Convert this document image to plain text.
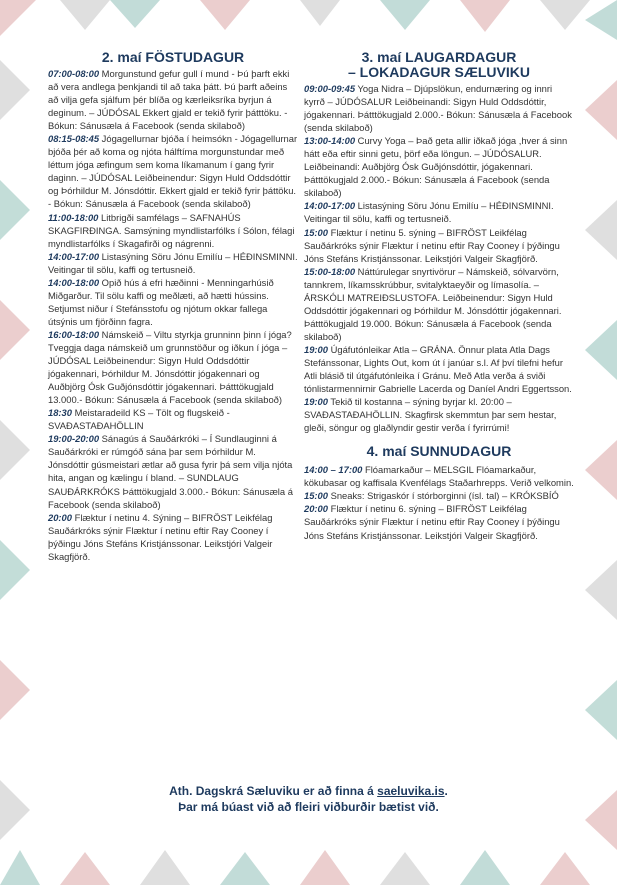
2. maí FÖSTUDAGUR

07:00-08:00 Morgunstund gefur gull í mund - Þú þarft ekki að vera andlega þenkjandi til að taka þátt. Þú þarft aðeins að vilja gefa sjálfum þér blíða og kærleiksríka byrjun á deginum. – JÚDÓSAL Ekkert gjald er tekið fyrir þátttöku. - Bókun: Sánusæla á Facebook (senda skilaboð)

08:15-08:45 Jógagellurnar bjóða í heimsókn - Jógagellurnar bjóða þér að koma og njóta hálftíma morgunstundar með léttum jóga æfingum sem koma líkamanum í gang fyrir daginn. – JÚDÓSAL Leiðbeinendur: Sigyn Huld Oddsdóttir og Þórhildur M. Jónsdóttir. Ekkert gjald er tekið fyrir þáttöku. - Bókun: Sánusæla á Facebook (senda skilaboð)

11:00-18:00 Litbrigði samfélags – SAFNAHÚS SKAGFIRÐINGA. Samsýning myndlistarfólks í Sólon, félagi myndlistarfólks í Skagafirði og nágrenni.

14:00-17:00 Listasýning Söru Jónu Emilíu – HÉÐINSMINNI. Veitingar til sölu, kaffi og tertusneið.

14:00-18:00 Opið hús á efri hæðinni - Menningarhúsið Miðgarður. Til sölu kaffi og meðlæti, að hætti hússins. Setjumst niður í Stefánsstofu og njótum okkar fallega útsýnis um fjörðinn fagra.

16:00-18:00 Námskeið – Viltu styrkja grunninn þinn í jóga? Tveggja daga námskeið um grunnstöður og iðkun í jóga – JÚDÓSAL Leiðbeinendur: Sigyn Huld Oddsdóttir jógakennari, Þórhildur M. Jónsdóttir jógakennari og Auðbjörg Ósk Guðjónsdóttir jógakennari. Þátttökugjald 13.000.- Bókun: Sánusæla á Facebook (senda skilaboð)

18:30 Meistaradeild KS – Tölt og flugskeið - SVAÐASTAÐAHÖLLIN

19:00-20:00 Sánagús á Sauðárkróki – Í Sundlauginni á Sauðárkróki er rúmgóð sána þar sem Þórhildur M. Jónsdóttir gúsmeistari ætlar að gusa fyrir þá sem vilja njóta hita, angan og kælingu í bland. – SUNDLAUG SAUÐÁRKRÓKS Þátttökugjald 3.000.- Bókun: Sánusæla á Facebook (senda skilaboð)

20:00 Flæktur í netinu 4. Sýning – BIFRÖST Leikfélag Sauðárkróks sýnir Flæktur í netinu eftir Ray Cooney í þýðingu Jóns Stefáns Kristjánssonar. Leikstjóri Valgeir Skagfjörð.

3. maí LAUGARDAGUR
– LOKADAGUR SÆLUVIKU

09:00-09:45 Yoga Nidra – Djúpslökun, endurnæring og innri kyrrð – JÚDÓSALUR Leiðbeinandi: Sigyn Huld Oddsdóttir, jógakennari. Þátttökugjald 2.000.- Bókun: Sánusæla á Facebook (senda skilaboð)

13:00-14:00 Curvy Yoga – Það geta allir iðkað jóga ,hver á sinn hátt eða eftir sinni getu, þörf eða löngun. – JÚDÓSALUR. Leiðbeinandi: Auðbjörg Ósk Guðjónsdóttir, jógakennari. Þátttökugjald 2.000.- Bókun: Sánusæla á Facebook (senda skilaboð)

14:00-17:00 Listasýning Söru Jónu Emilíu – HÉÐINSMINNI. Veitingar til sölu, kaffi og tertusneið.

15:00 Flæktur í netinu 5. sýning – BIFRÖST Leikfélag Sauðárkróks sýnir Flæktur í netinu eftir Ray Cooney í þýðingu Jóns Stefáns Kristjánssonar. Leikstjóri Valgeir Skagfjörð.

15:00-18:00 Náttúrulegar snyrtivörur – Námskeið, sólvarvörn, tannkrem, líkamsskrúbbur, svitalyktaeyðir og límasolía. – ÁRSKÓLI MATREIÐSLUSTOFA. Leiðbeinendur: Sigyn Huld Oddsdóttir jógakennari og Þórhildur M. Jónsdóttir jógakennari. Þátttökugjald 19.000. Bókun: Sánusæla á Facebook (senda skilaboð)

19:00 Úgáfutónleikar Atla – GRÁNA. Önnur plata Atla Dags Stefánssonar, Lights Out, kom út í janúar s.l. Af því tilefni hefur Atli blásið til útgáfutónleika í Gránu. Með Atla verða á sviði tónlistarmennirnir Gabrielle Lacerda og Daníel Andri Eggertsson.

19:00 Tekið til kostanna – sýning byrjar kl. 20:00 – SVAÐASTAÐAHÖLLIN. Skagfirsk skemmtun þar sem hestar, gleði, söngur og glaðlyndir gestir verða í fyrirrúmi!

4. maí SUNNUDAGUR

14:00 – 17:00 Flóamarkaður – MELSGIL Flóamarkaður, kökubasar og kaffisala Kvenfélags Staðarhrepps. Verið velkomin.

15:00 Sneaks: Strigaskór í stórborginni (ísl. tal) – KRÓKSBÍÓ

20:00 Flæktur í netinu 6. sýning – BIFRÖST Leikfélag Sauðárkróks sýnir Flæktur í netinu eftir Ray Cooney í þýðingu Jóns Stefáns Kristjánssonar. Leikstjóri Valgeir Skagfjörð.

Ath. Dagskrá Sæluviku er að finna á saeluvika.is.
Þar má búast við að fleiri viðburðir bætist við.
